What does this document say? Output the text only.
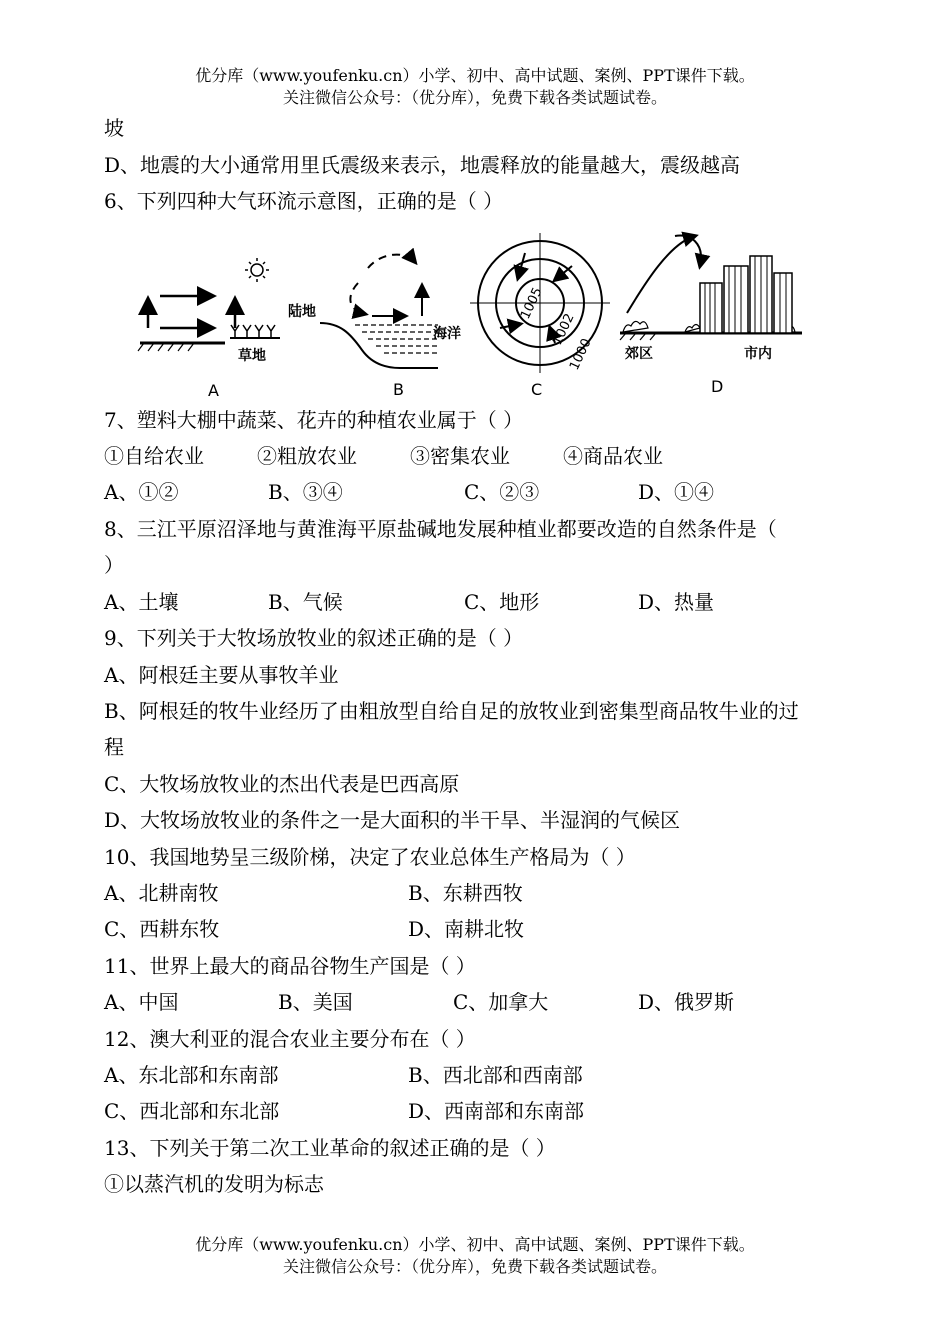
优分库（www.youfenku.cn）小学、初中、高中试题、案例、PPT课件下载。
关注微信公众号：（优分库），免费下载各类试题试卷。
坡
D、地震的大小通常用里氏震级来表示，地震释放的能量越大，震级越高
6、下列四种大气环流示意图，正确的是（ ）
草地
A
陆地
海洋
B
1005
1002
1000
C
郊区	市内
D
7、塑料大棚中蔬菜、花卉的种植农业属于（ ）
①自给农业	②粗放农业	③密集农业	④商品农业
A、①②	B、③④	C、②③	D、①④
8、三江平原沼泽地与黄淮海平原盐碱地发展种植业都要改造的自然条件是（
）
A、土壤	B、气候	C、地形	D、热量
9、下列关于大牧场放牧业的叙述正确的是（ ）
A、阿根廷主要从事牧羊业
B、阿根廷的牧牛业经历了由粗放型自给自足的放牧业到密集型商品牧牛业的过
程
C、大牧场放牧业的杰出代表是巴西高原
D、大牧场放牧业的条件之一是大面积的半干旱、半湿润的气候区
10、我国地势呈三级阶梯，决定了农业总体生产格局为（ ）
A、北耕南牧	B、东耕西牧
C、西耕东牧	D、南耕北牧
11、世界上最大的商品谷物生产国是（ ）
A、中国	B、美国	C、加拿大	D、俄罗斯
12、澳大利亚的混合农业主要分布在（ ）
A、东北部和东南部	B、西北部和西南部
C、西北部和东北部	D、西南部和东南部
13、下列关于第二次工业革命的叙述正确的是（ ）
①以蒸汽机的发明为标志
优分库（www.youfenku.cn）小学、初中、高中试题、案例、PPT课件下载。
关注微信公众号：（优分库），免费下载各类试题试卷。
